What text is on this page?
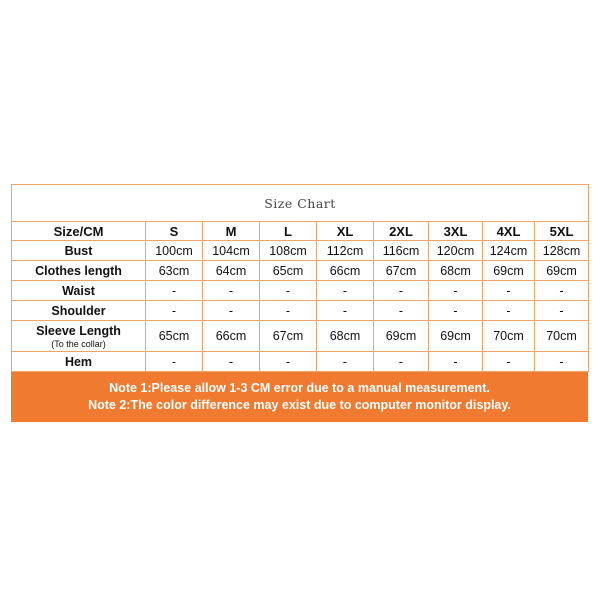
Size Chart								
Size/CM	S	M	L	XL	2XL	3XL	4XL	5XL
Bust	100cm	104cm	108cm	112cm	116cm	120cm	124cm	128cm
Clothes length	63cm	64cm	65cm	66cm	67cm	68cm	69cm	69cm
Waist	-	-	-	-	-	-	-	-
Shoulder	-	-	-	-	-	-	-	-

Sleeve Length
(To the collar)	65cm	66cm	67cm	68cm	69cm	69cm	70cm	70cm
Hem	-	-	-	-	-	-	-	-
Note 1:Please allow 1-3 CM error due to a manual measurement.
Note 2:The color difference may exist due to computer monitor display.
